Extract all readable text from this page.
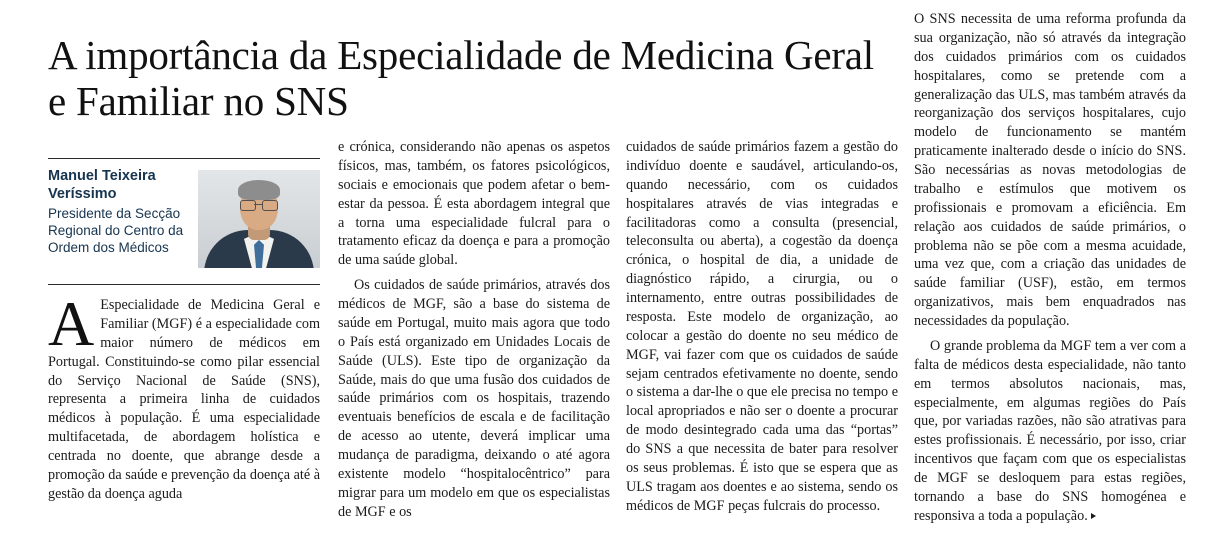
A importância da Especialidade de Medicina Geral e Familiar no SNS
Manuel Teixeira Veríssimo
Presidente da Secção Regional do Centro da Ordem dos Médicos

A Especialidade de Medicina Geral e Familiar (MGF) é a especialidade com maior número de médicos em Portugal. Constituindo-se como pilar essencial do Serviço Nacional de Saúde (SNS), representa a primeira linha de cuidados médicos à população. É uma especialidade multifacetada, de abordagem holística e centrada no doente, que abrange desde a promoção da saúde e prevenção da doença até à gestão da doença aguda

e crónica, considerando não apenas os aspetos físicos, mas, também, os fatores psicológicos, sociais e emocionais que podem afetar o bem-estar da pessoa. É esta abordagem integral que a torna uma especialidade fulcral para o tratamento eficaz da doença e para a promoção de uma saúde global.

Os cuidados de saúde primários, através dos médicos de MGF, são a base do sistema de saúde em Portugal, muito mais agora que todo o País está organizado em Unidades Locais de Saúde (ULS). Este tipo de organização da Saúde, mais do que uma fusão dos cuidados de saúde primários com os hospitais, trazendo eventuais benefícios de escala e de facilitação de acesso ao utente, deverá implicar uma mudança de paradigma, deixando o até agora existente modelo “hospitalocêntrico” para migrar para um modelo em que os especialistas de MGF e os

cuidados de saúde primários fazem a gestão do indivíduo doente e saudável, articulando-os, quando necessário, com os cuidados hospitalares através de vias integradas e facilitadoras como a consulta (presencial, teleconsulta ou aberta), a cogestão da doença crónica, o hospital de dia, a unidade de diagnóstico rápido, a cirurgia, ou o internamento, entre outras possibilidades de resposta. Este modelo de organização, ao colocar a gestão do doente no seu médico de MGF, vai fazer com que os cuidados de saúde sejam centrados efetivamente no doente, sendo o sistema a dar-lhe o que ele precisa no tempo e local apropriados e não ser o doente a procurar de modo desintegrado cada uma das “portas” do SNS a que necessita de bater para resolver os seus problemas. É isto que se espera que as ULS tragam aos doentes e ao sistema, sendo os médicos de MGF peças fulcrais do processo.

O SNS necessita de uma reforma profunda da sua organização, não só através da integração dos cuidados primários com os cuidados hospitalares, como se pretende com a generalização das ULS, mas também através da reorganização dos serviços hospitalares, cujo modelo de funcionamento se mantém praticamente inalterado desde o início do SNS. São necessárias as novas metodologias de trabalho e estímulos que motivem os profissionais e promovam a eficiência. Em relação aos cuidados de saúde primários, o problema não se põe com a mesma acuidade, uma vez que, com a criação das unidades de saúde familiar (USF), estão, em termos organizativos, mais bem enquadrados nas necessidades da população.

O grande problema da MGF tem a ver com a falta de médicos desta especialidade, não tanto em termos absolutos nacionais, mas, especialmente, em algumas regiões do País que, por variadas razões, não são atrativas para estes profissionais. É necessário, por isso, criar incentivos que façam com que os especialistas de MGF se desloquem para estas regiões, tornando a base do SNS homogénea e responsiva a toda a população.
